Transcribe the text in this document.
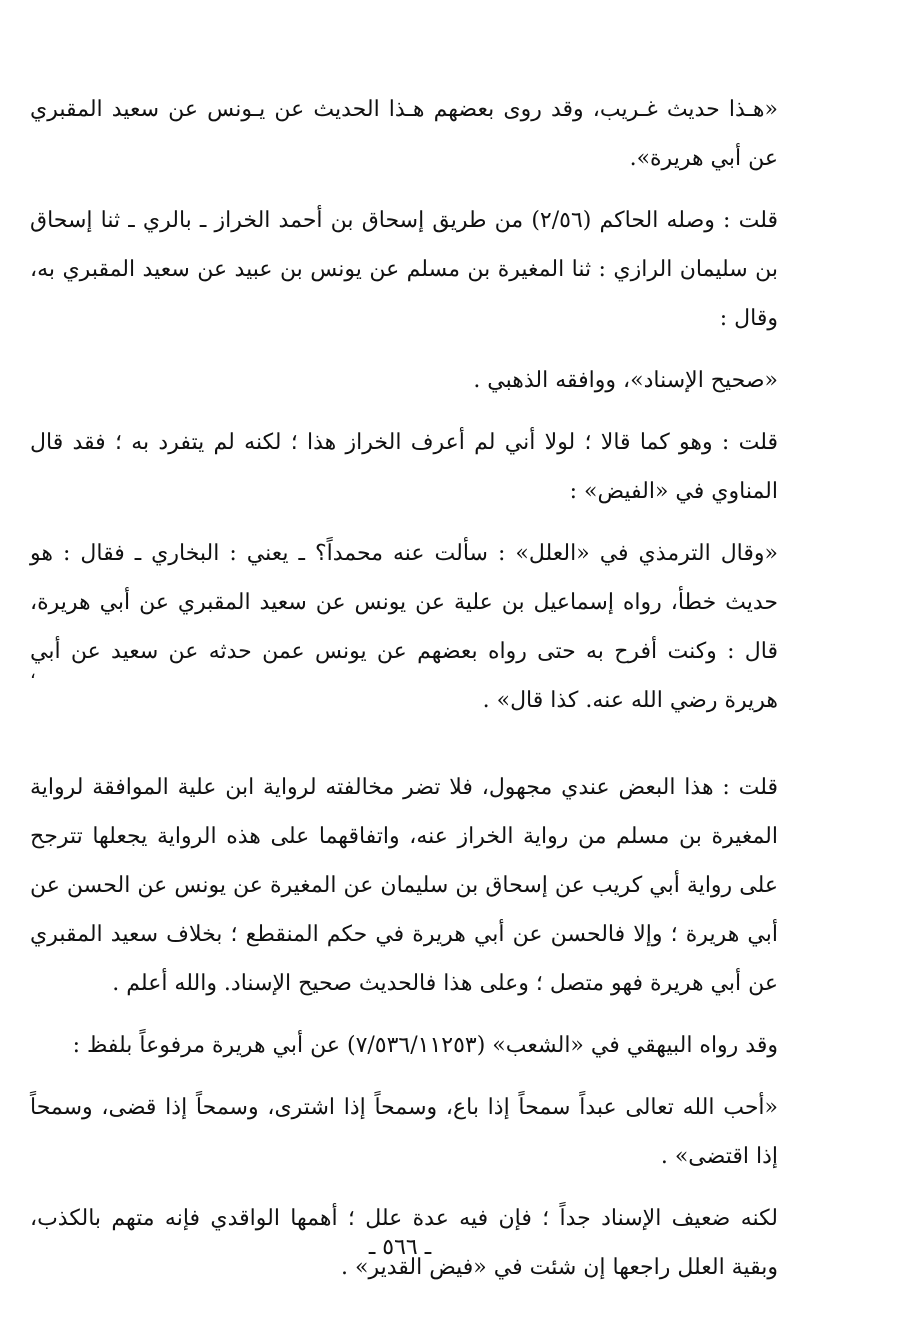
«هـذا حديث غـريب، وقد روى بعضهم هـذا الحديث عن يـونس عن سعيد المقبري عن أبي هريرة».

قلت : وصله الحاكم (٢/٥٦) من طريق إسحاق بن أحمد الخراز ـ بالري ـ ثنا إسحاق بن سليمان الرازي : ثنا المغيرة بن مسلم عن يونس بن عبيد عن سعيد المقبري به، وقال :

«صحيح الإسناد»، ووافقه الذهبي .

قلت : وهو كما قالا ؛ لولا أني لم أعرف الخراز هذا ؛ لكنه لم يتفرد به ؛ فقد قال المناوي في «الفيض» :

«وقال الترمذي في «العلل» : سألت عنه محمداً؟ ـ يعني : البخاري ـ فقال : هو حديث خطأ، رواه إسماعيل بن علية عن يونس عن سعيد المقبري عن أبي هريرة، قال : وكنت أفرح به حتى رواه بعضهم عن يونس عمن حدثه عن سعيد عن أبي هريرة رضي الله عنه. كذا قال» .

قلت : هذا البعض عندي مجهول، فلا تضر مخالفته لرواية ابن علية الموافقة لرواية المغيرة بن مسلم من رواية الخراز عنه، واتفاقهما على هذه الرواية يجعلها تترجح على رواية أبي كريب عن إسحاق بن سليمان عن المغيرة عن يونس عن الحسن عن أبي هريرة ؛ وإلا فالحسن عن أبي هريرة في حكم المنقطع ؛ بخلاف سعيد المقبري عن أبي هريرة فهو متصل ؛ وعلى هذا فالحديث صحيح الإسناد. والله أعلم .

وقد رواه البيهقي في «الشعب» (٧/٥٣٦/١١٢٥٣) عن أبي هريرة مرفوعاً بلفظ :

«أحب الله تعالى عبداً سمحاً إذا باع، وسمحاً إذا اشترى، وسمحاً إذا قضى، وسمحاً إذا اقتضى» .

لكنه ضعيف الإسناد جداً ؛ فإن فيه عدة علل ؛ أهمها الواقدي فإنه متهم بالكذب، وبقية العلل راجعها إن شئت في «فيض القدير» .

،
ـ ٥٦٦ ـ
